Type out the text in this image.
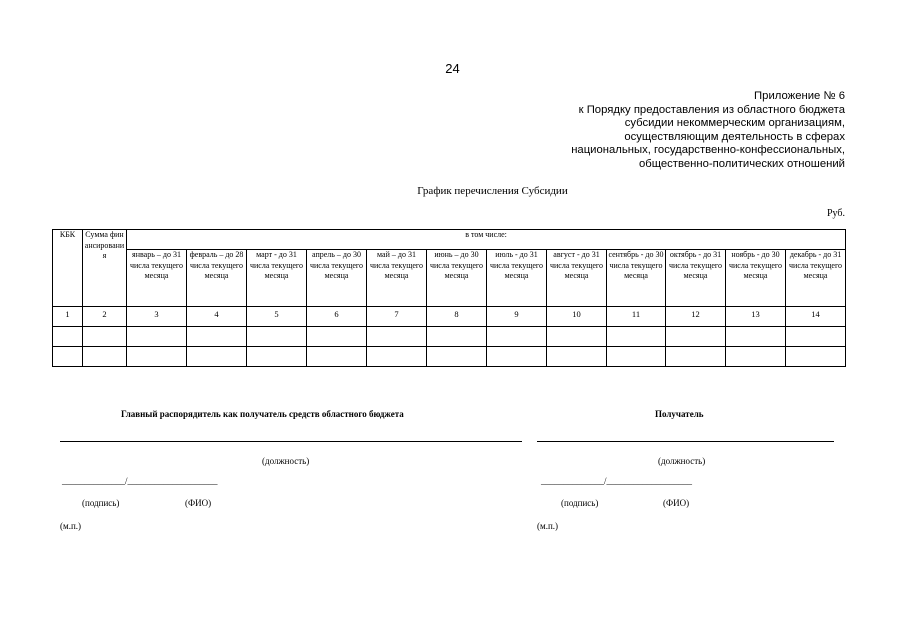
24
Приложение № 6
к Порядку предоставления из областного бюджета
субсидии некоммерческим организациям,
осуществляющим деятельность в сферах
национальных, государственно-конфессиональных,
общественно-политических отношений
График перечисления Субсидии
Руб.
КБК	Сумма финансирования	в том числе:											
		январь – до 31 числа текущего месяца	февраль – до 28 числа текущего месяца	март - до 31 числа текущего месяца	апрель – до 30 числа текущего месяца	май – до 31 числа текущего месяца	июнь – до 30 числа текущего месяца	июль - до 31 числа текущего месяца	август - до 31 числа текущего месяца	сентябрь - до 30 числа текущего месяца	октябрь - до 31 числа текущего месяца	ноябрь - до 30 числа текущего месяца	декабрь - до 31 числа текущего месяца
1	2	3	4	5	6	7	8	9	10	11	12	13	14

Главный распорядитель как получатель средств областного бюджета
(должность)
______________/____________________
(подпись)	(ФИО)
(м.п.)
Получатель
(должность)
______________/___________________
(подпись)	(ФИО)
(м.п.)
